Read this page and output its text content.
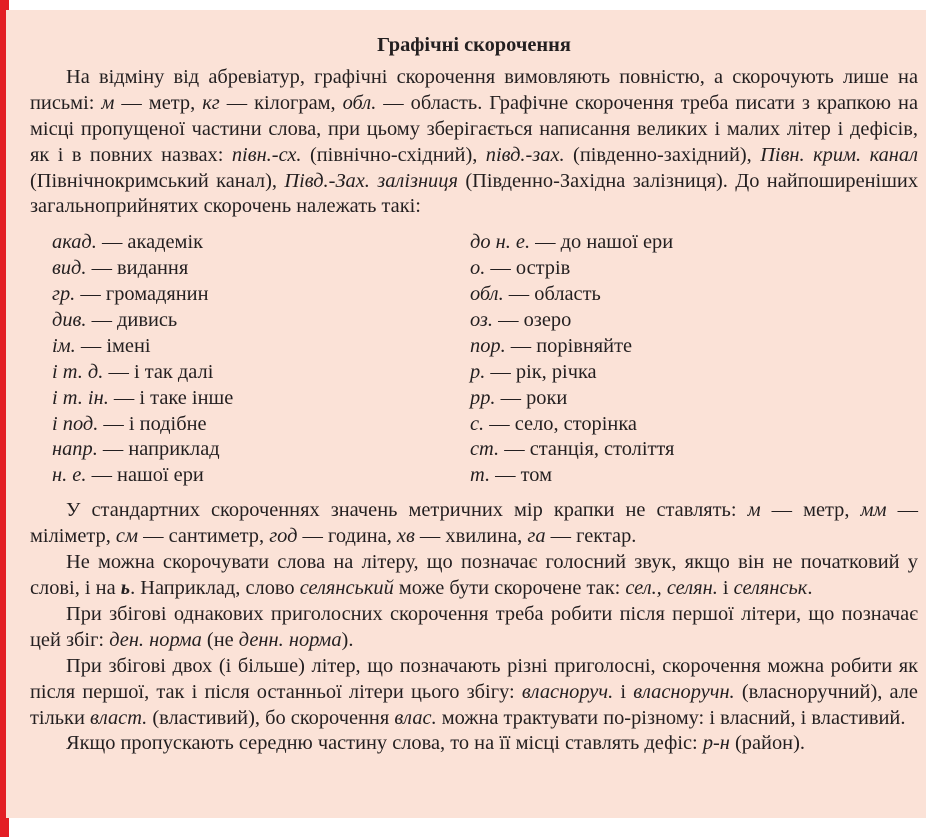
Графічні скорочення

На відміну від абревіатур, графічні скорочення вимовляють повністю, а скорочують лише на письмі: м — метр, кг — кілограм, обл. — область. Графічне скорочення треба писати з крапкою на місці пропущеної частини слова, при цьому зберігається написання великих і малих літер і дефісів, як і в повних назвах: півн.-сх. (північно-східний), півд.-зах. (південно-західний), Півн. крим. канал (Північнокримський канал), Півд.-Зах. залізниця (Південно-Західна залізниця). До найпоширеніших загальноприйнятих скорочень належать такі:

акад. — академік
вид. — видання
гр. — громадянин
див. — дивись
ім. — імені
і т. д. — і так далі
і т. ін. — і таке інше
і под. — і подібне
напр. — наприклад
н. е. — нашої ери
до н. е. — до нашої ери
о. — острів
обл. — область
оз. — озеро
пор. — порівняйте
р. — рік, річка
рр. — роки
с. — село, сторінка
ст. — станція, століття
т. — том

У стандартних скороченнях значень метричних мір крапки не ставлять: м — метр, мм — міліметр, см — сантиметр, год — година, хв — хвилина, га — гектар.

Не можна скорочувати слова на літеру, що позначає голосний звук, якщо він не початковий у слові, і на ь. Наприклад, слово селянський може бути скорочене так: сел., селян. і селянськ.

При збігові однакових приголосних скорочення треба робити після першої літери, що позначає цей збіг: ден. норма (не денн. норма).

При збігові двох (і більше) літер, що позначають різні приголосні, скорочення можна робити як після першої, так і після останньої літери цього збігу: власноруч. і власноручн. (власноручний), але тільки власт. (властивий), бо скорочення влас. можна трактувати по-різному: і власний, і властивий.

Якщо пропускають середню частину слова, то на її місці ставлять дефіс: р-н (район).
